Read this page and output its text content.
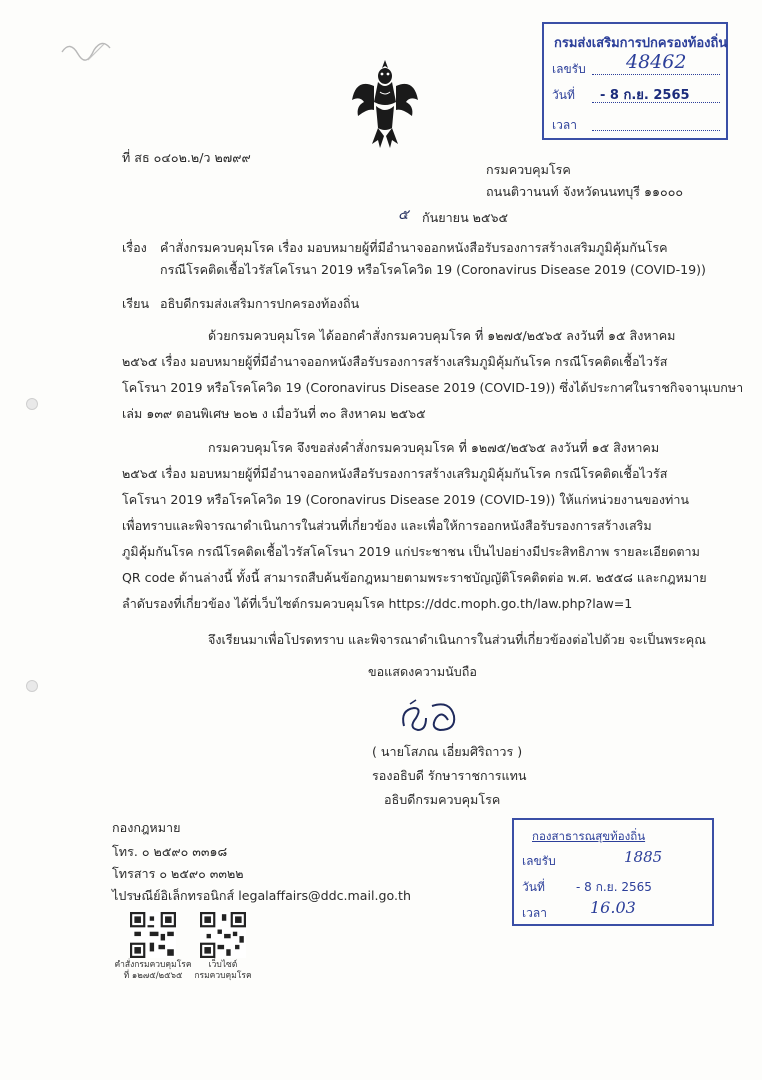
กรมส่งเสริมการปกครองท้องถิ่น
เลขรับ 48462
วันที่ - 8 ก.ย. 2565
เวลา
ที่ สธ ๐๔๐๒.๒/ว ๒๗๙๙
กรมควบคุมโรค
ถนนติวานนท์ จังหวัดนนทบุรี ๑๑๐๐๐
๕ กันยายน ๒๕๖๕
เรื่อง คำสั่งกรมควบคุมโรค เรื่อง มอบหมายผู้ที่มีอำนาจออกหนังสือรับรองการสร้างเสริมภูมิคุ้มกันโรค
กรณีโรคติดเชื้อไวรัสโคโรนา 2019 หรือโรคโควิด 19 (Coronavirus Disease 2019 (COVID-19))
เรียน อธิบดีกรมส่งเสริมการปกครองท้องถิ่น
ด้วยกรมควบคุมโรค ได้ออกคำสั่งกรมควบคุมโรค ที่ ๑๒๗๕/๒๕๖๕ ลงวันที่ ๑๕ สิงหาคม
๒๕๖๕ เรื่อง มอบหมายผู้ที่มีอำนาจออกหนังสือรับรองการสร้างเสริมภูมิคุ้มกันโรค กรณีโรคติดเชื้อไวรัส
โคโรนา 2019 หรือโรคโควิด 19 (Coronavirus Disease 2019 (COVID-19)) ซึ่งได้ประกาศในราชกิจจานุเบกษา
เล่ม ๑๓๙ ตอนพิเศษ ๒๐๒ ง เมื่อวันที่ ๓๐ สิงหาคม ๒๕๖๕
กรมควบคุมโรค จึงขอส่งคำสั่งกรมควบคุมโรค ที่ ๑๒๗๕/๒๕๖๕ ลงวันที่ ๑๕ สิงหาคม
๒๕๖๕ เรื่อง มอบหมายผู้ที่มีอำนาจออกหนังสือรับรองการสร้างเสริมภูมิคุ้มกันโรค กรณีโรคติดเชื้อไวรัส
โคโรนา 2019 หรือโรคโควิด 19 (Coronavirus Disease 2019 (COVID-19)) ให้แก่หน่วยงานของท่าน
เพื่อทราบและพิจารณาดำเนินการในส่วนที่เกี่ยวข้อง และเพื่อให้การออกหนังสือรับรองการสร้างเสริม
ภูมิคุ้มกันโรค กรณีโรคติดเชื้อไวรัสโคโรนา 2019 แก่ประชาชน เป็นไปอย่างมีประสิทธิภาพ รายละเอียดตาม
QR code ด้านล่างนี้ ทั้งนี้ สามารถสืบค้นข้อกฎหมายตามพระราชบัญญัติโรคติดต่อ พ.ศ. ๒๕๕๘ และกฎหมาย
ลำดับรองที่เกี่ยวข้อง ได้ที่เว็บไซต์กรมควบคุมโรค https://ddc.moph.go.th/law.php?law=1
จึงเรียนมาเพื่อโปรดทราบ และพิจารณาดำเนินการในส่วนที่เกี่ยวข้องต่อไปด้วย จะเป็นพระคุณ
ขอแสดงความนับถือ
( นายโสภณ เอี่ยมศิริถาวร )
รองอธิบดี รักษาราชการแทน
อธิบดีกรมควบคุมโรค
กองสาธารณสุขท้องถิ่น
เลขรับ	1885
วันที่	- 8 ก.ย. 2565
เวลา	16.03
กองกฎหมาย
โทร. ๐ ๒๕๙๐ ๓๓๑๘
โทรสาร ๐ ๒๕๙๐ ๓๓๒๒
ไปรษณีย์อิเล็กทรอนิกส์ legalaffairs@ddc.mail.go.th
คำสั่งกรมควบคุมโรค
ที่ ๑๒๗๕/๒๕๖๕
เว็บไซต์
กรมควบคุมโรค
